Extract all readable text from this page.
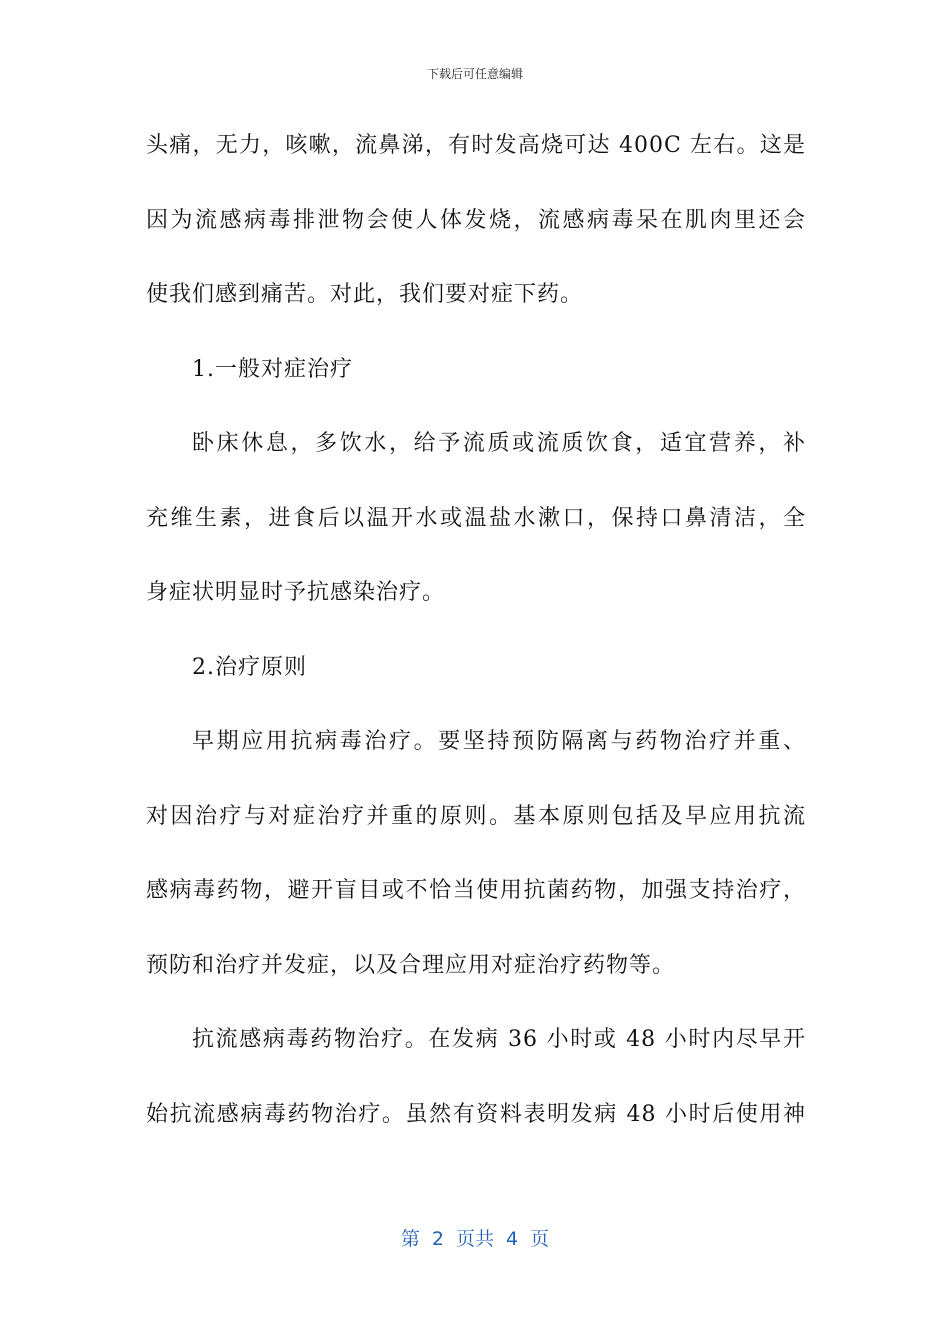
下载后可任意编辑
头痛，无力，咳嗽，流鼻涕，有时发高烧可达 400C 左右。这是
因为流感病毒排泄物会使人体发烧，流感病毒呆在肌肉里还会
使我们感到痛苦。对此，我们要对症下药。
1.一般对症治疗
卧床休息，多饮水，给予流质或流质饮食，适宜营养，补
充维生素，进食后以温开水或温盐水漱口，保持口鼻清洁，全
身症状明显时予抗感染治疗。
2.治疗原则
早期应用抗病毒治疗。要坚持预防隔离与药物治疗并重、
对因治疗与对症治疗并重的原则。基本原则包括及早应用抗流
感病毒药物，避开盲目或不恰当使用抗菌药物，加强支持治疗，
预防和治疗并发症，以及合理应用对症治疗药物等。
抗流感病毒药物治疗。在发病 36 小时或 48 小时内尽早开
始抗流感病毒药物治疗。虽然有资料表明发病 48 小时后使用神
第 2 页共 4 页
